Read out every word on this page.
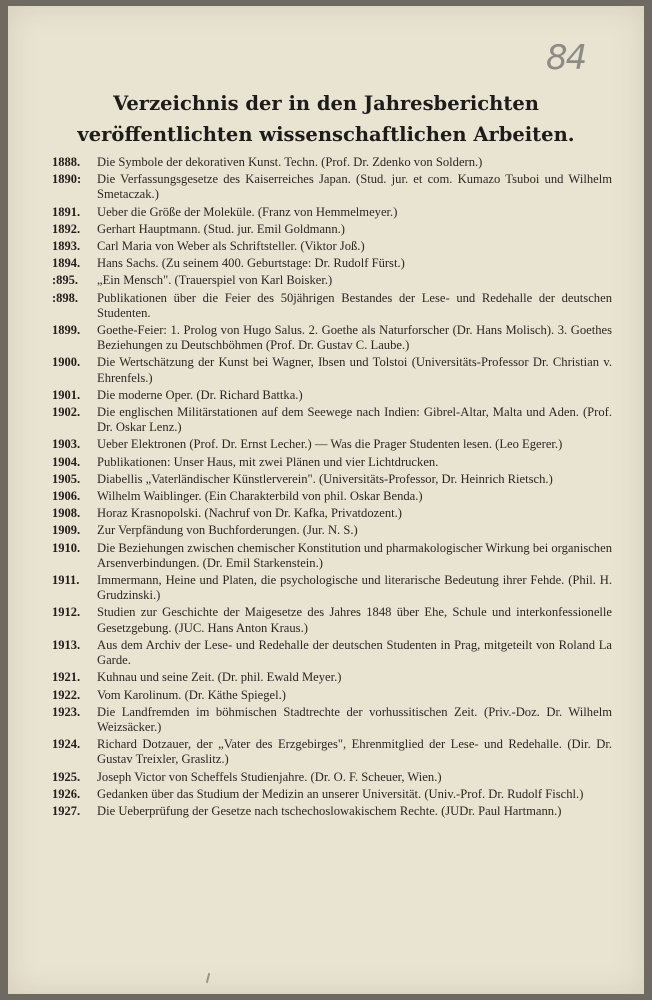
84
Verzeichnis der in den Jahresberichten
veröffentlichten wissenschaftlichen Arbeiten.
1888.	Die Symbole der dekorativen Kunst. Techn. (Prof. Dr. Zdenko von Soldern.)
1890:	Die Verfassungsgesetze des Kaiserreiches Japan. (Stud. jur. et com. Kumazo Tsuboi und Wilhelm Smetaczak.)
1891.	Ueber die Größe der Moleküle. (Franz von Hemmelmeyer.)
1892.	Gerhart Hauptmann. (Stud. jur. Emil Goldmann.)
1893.	Carl Maria von Weber als Schriftsteller. (Viktor Joß.)
1894.	Hans Sachs. (Zu seinem 400. Geburtstage: Dr. Rudolf Fürst.)
:895.	„Ein Mensch". (Trauerspiel von Karl Boisker.)
:898.	Publikationen über die Feier des 50jährigen Bestandes der Lese- und Redehalle der deutschen Studenten.
1899.	Goethe-Feier: 1. Prolog von Hugo Salus. 2. Goethe als Naturforscher (Dr. Hans Molisch). 3. Goethes Beziehungen zu Deutschböhmen (Prof. Dr. Gustav C. Laube.)
1900.	Die Wertschätzung der Kunst bei Wagner, Ibsen und Tolstoi (Universitäts-Professor Dr. Christian v. Ehrenfels.)
1901.	Die moderne Oper. (Dr. Richard Battka.)
1902.	Die englischen Militärstationen auf dem Seewege nach Indien: Gibrel-Altar, Malta und Aden. (Prof. Dr. Oskar Lenz.)
1903.	Ueber Elektronen (Prof. Dr. Ernst Lecher.) — Was die Prager Studenten lesen. (Leo Egerer.)
1904.	Publikationen: Unser Haus, mit zwei Plänen und vier Lichtdrucken.
1905.	Diabellis „Vaterländischer Künstlerverein". (Universitäts-Professor, Dr. Heinrich Rietsch.)
1906.	Wilhelm Waiblinger. (Ein Charakterbild von phil. Oskar Benda.)
1908.	Horaz Krasnopolski. (Nachruf von Dr. Kafka, Privatdozent.)
1909.	Zur Verpfändung von Buchforderungen. (Jur. N. S.)
1910.	Die Beziehungen zwischen chemischer Konstitution und pharmakologischer Wirkung bei organischen Arsenverbindungen. (Dr. Emil Starkenstein.)
1911.	Immermann, Heine und Platen, die psychologische und literarische Bedeutung ihrer Fehde. (Phil. H. Grudzinski.)
1912.	Studien zur Geschichte der Maigesetze des Jahres 1848 über Ehe, Schule und interkonfessionelle Gesetzgebung. (JUC. Hans Anton Kraus.)
1913.	Aus dem Archiv der Lese- und Redehalle der deutschen Studenten in Prag, mitgeteilt von Roland La Garde.
1921.	Kuhnau und seine Zeit. (Dr. phil. Ewald Meyer.)
1922.	Vom Karolinum. (Dr. Käthe Spiegel.)
1923.	Die Landfremden im böhmischen Stadtrechte der vorhussitischen Zeit. (Priv.-Doz. Dr. Wilhelm Weizsäcker.)
1924.	Richard Dotzauer, der „Vater des Erzgebirges", Ehrenmitglied der Lese- und Redehalle. (Dir. Dr. Gustav Treixler, Graslitz.)
1925.	Joseph Victor von Scheffels Studienjahre. (Dr. O. F. Scheuer, Wien.)
1926.	Gedanken über das Studium der Medizin an unserer Universität. (Univ.-Prof. Dr. Rudolf Fischl.)
1927.	Die Ueberprüfung der Gesetze nach tschechoslowakischem Rechte. (JUDr. Paul Hartmann.)
